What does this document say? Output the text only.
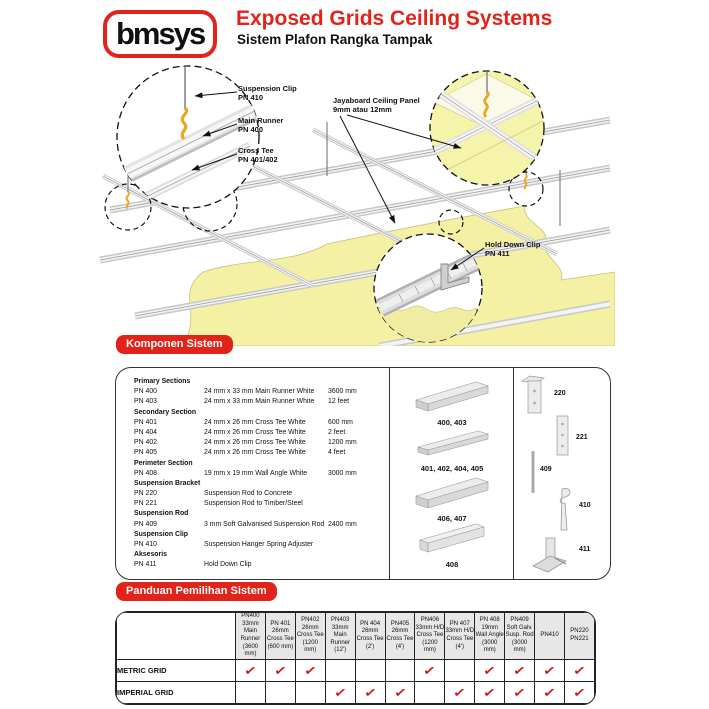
bmsys	Exposed Grids Ceiling Systems
Sistem Plafon Rangka Tampak
Suspension Clip
PN 410
Main Runner
PN 400
Cross Tee
PN 401/402
Jayaboard Ceiling Panel
9mm atau 12mm
Hold Down Clip
PN 411
Komponen Sistem
Primary Sections
PN 400	24 mm x 33 mm Main Runner White	3600 mm
PN 403	24 mm x 33 mm Main Runner White	12 feet
Secondary Section
PN 401	24 mm x 26 mm Cross Tee White	600 mm
PN 404	24 mm x 26 mm Cross Tee White	2 feet
PN 402	24 mm x 26 mm Cross Tee White	1200 mm
PN 405	24 mm x 26 mm Cross Tee White	4 feet
Perimeter Section
PN 408	19 mm x 19 mm Wall Angle White	3000 mm
Suspension Bracket
PN 220	Suspension Rod to Concrete
PN 221	Suspension Rod to Timber/Steel
Suspension Rod
PN 409	3 mm Soft Galvanised Suspension Rod 2400 mm
Suspension Clip
PN 410	Suspension Hanger Spring Adjuster
Aksesoris
PN 411	Hold Down Clip
400, 403
401, 402, 404, 405
406, 407
408
220
221
409
410
411
Panduan Pemilihan Sistem

PN400
33mm
Main Runner
(3600 mm)

PN 401
26mm
Cross Tee
(600 mm)

PN402
26mm
Cross Tee
(1200 mm)

PN403
33mm
Main Runner
(12')

PN 404
26mm
Cross Tee
(2')

PN405
26mm
Cross Tee
(4')

PN406
33mm H/D
Cross Tee
(1200 mm)

PN 407
33mm H/D
Cross Tee
(4')

PN 408
19mm
Wall Angle
(3000 mm)

PN409
Soft Galv.
Susp. Rod
(3000 mm)

PN410

PN220
PN221

METRIC GRID	✓	✓	✓				✓		✓	✓	✓	✓
IMPERIAL GRID				✓	✓	✓		✓	✓	✓	✓	✓
